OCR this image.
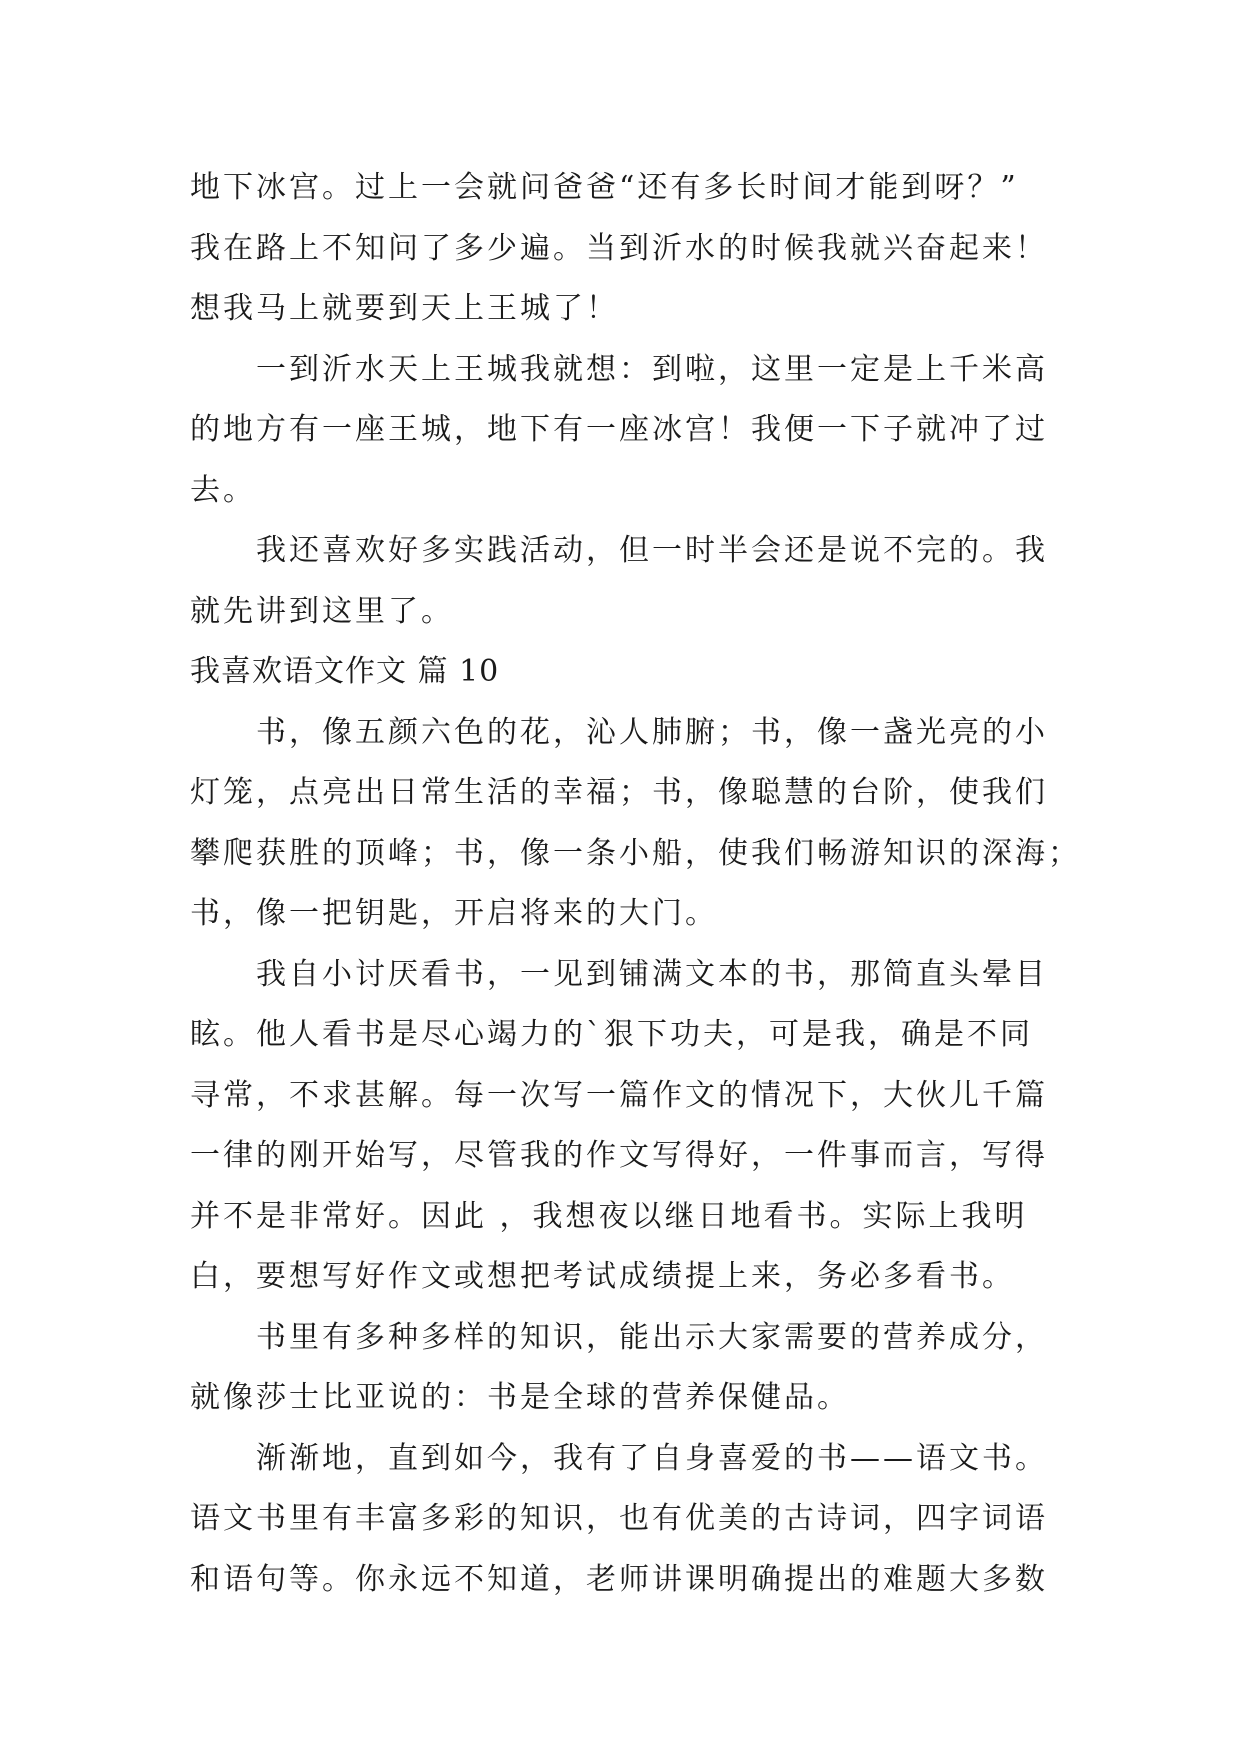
地下冰宫。过上一会就问爸爸“还有多长时间才能到呀？”
我在路上不知问了多少遍。当到沂水的时候我就兴奋起来！
想我马上就要到天上王城了！
一到沂水天上王城我就想：到啦，这里一定是上千米高
的地方有一座王城，地下有一座冰宫！我便一下子就冲了过
去。
我还喜欢好多实践活动，但一时半会还是说不完的。我
就先讲到这里了。
我喜欢语文作文 篇 10
书，像五颜六色的花，沁人肺腑；书，像一盏光亮的小
灯笼，点亮出日常生活的幸福；书，像聪慧的台阶，使我们
攀爬获胜的顶峰；书，像一条小船，使我们畅游知识的深海；
书，像一把钥匙，开启将来的大门。
我自小讨厌看书，一见到铺满文本的书，那简直头晕目
眩。他人看书是尽心竭力的`狠下功夫，可是我，确是不同
寻常，不求甚解。每一次写一篇作文的情况下，大伙儿千篇
一律的刚开始写，尽管我的作文写得好，一件事而言，写得
并不是非常好。因此 ，我想夜以继日地看书。实际上我明
白，要想写好作文或想把考试成绩提上来，务必多看书。
书里有多种多样的知识，能出示大家需要的营养成分，
就像莎士比亚说的：书是全球的营养保健品。
渐渐地，直到如今，我有了自身喜爱的书——语文书。
语文书里有丰富多彩的知识，也有优美的古诗词，四字词语
和语句等。你永远不知道，老师讲课明确提出的难题大多数
